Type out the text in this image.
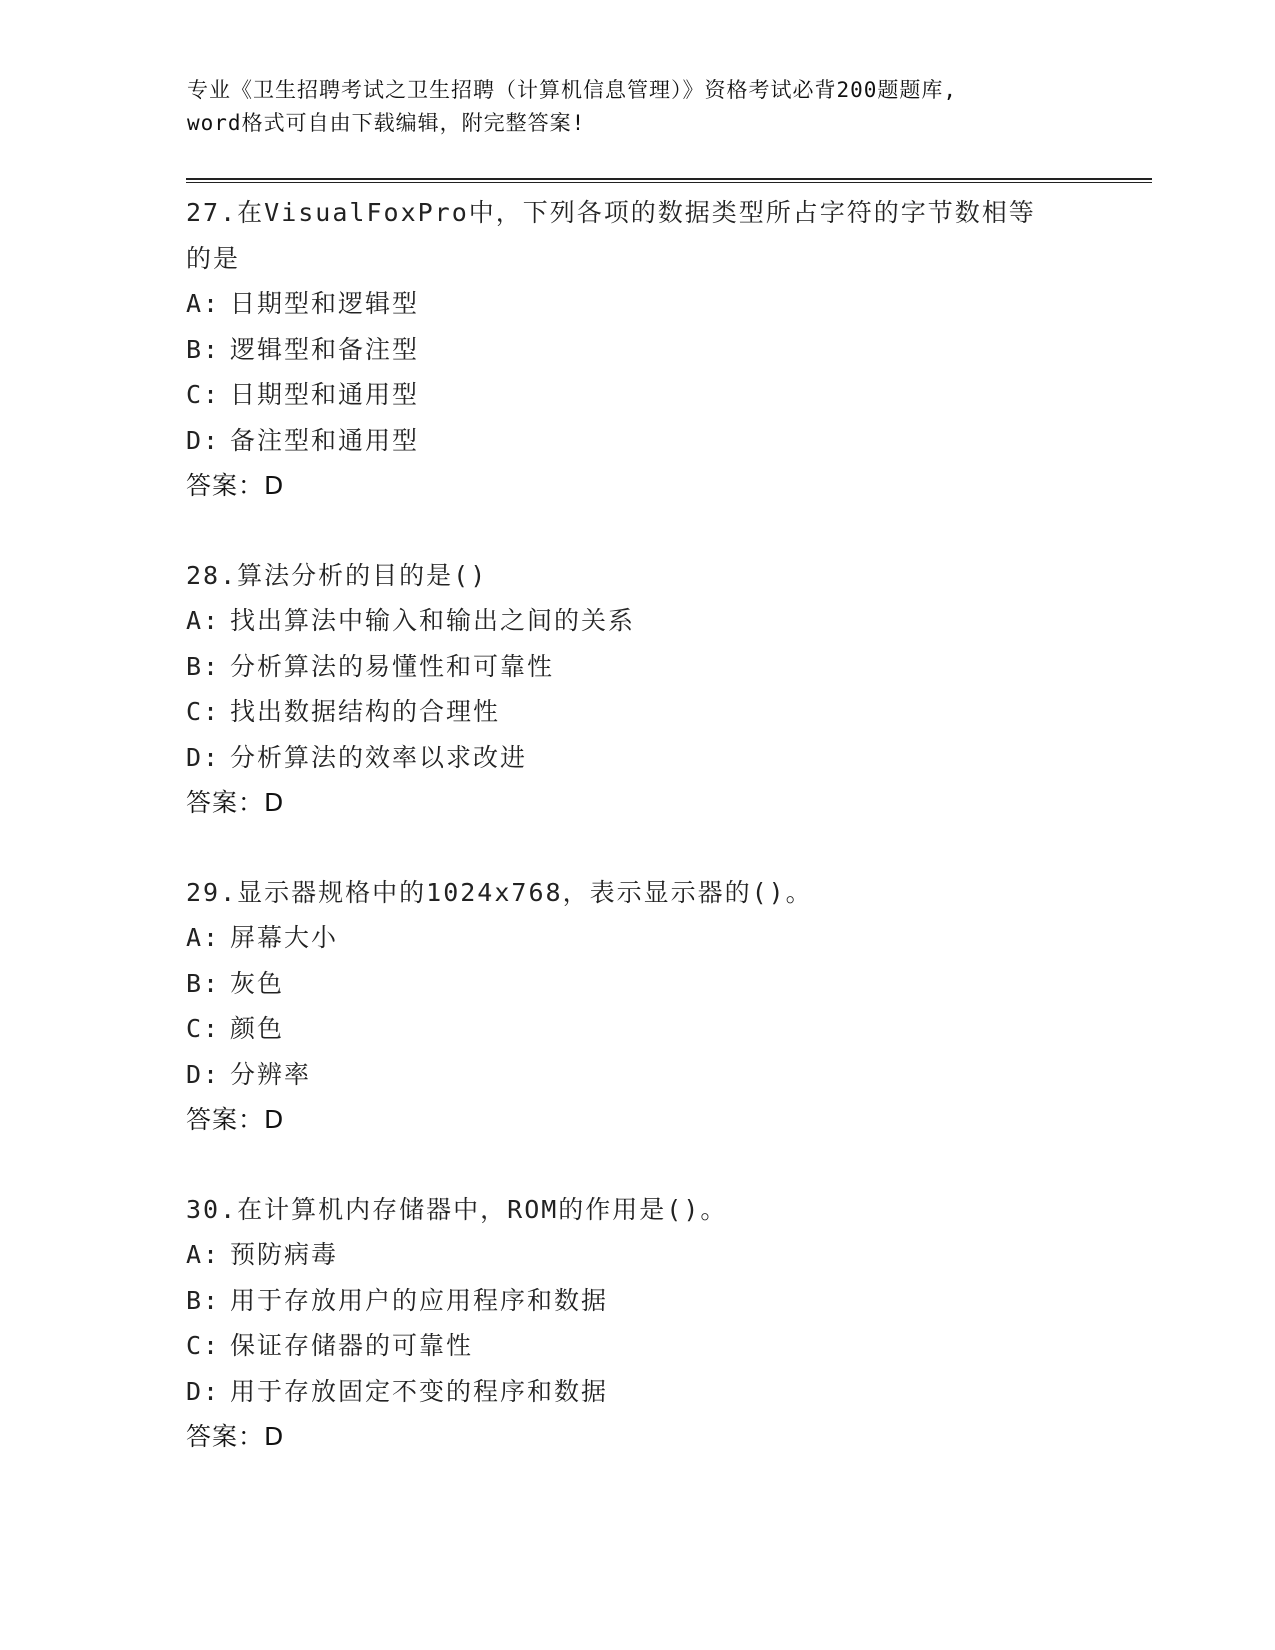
专业《卫生招聘考试之卫生招聘（计算机信息管理）》资格考试必背200题题库,
word格式可自由下载编辑，附完整答案!
27.在VisualFoxPro中，下列各项的数据类型所占字符的字节数相等
的是
A: 日期型和逻辑型
B: 逻辑型和备注型
C: 日期型和通用型
D: 备注型和通用型
答案：D
28.算法分析的目的是()
A: 找出算法中输入和输出之间的关系
B: 分析算法的易懂性和可靠性
C: 找出数据结构的合理性
D: 分析算法的效率以求改进
答案：D
29.显示器规格中的1024x768，表示显示器的()。
A: 屏幕大小
B: 灰色
C: 颜色
D: 分辨率
答案：D
30.在计算机内存储器中，ROM的作用是()。
A: 预防病毒
B: 用于存放用户的应用程序和数据
C: 保证存储器的可靠性
D: 用于存放固定不变的程序和数据
答案：D
